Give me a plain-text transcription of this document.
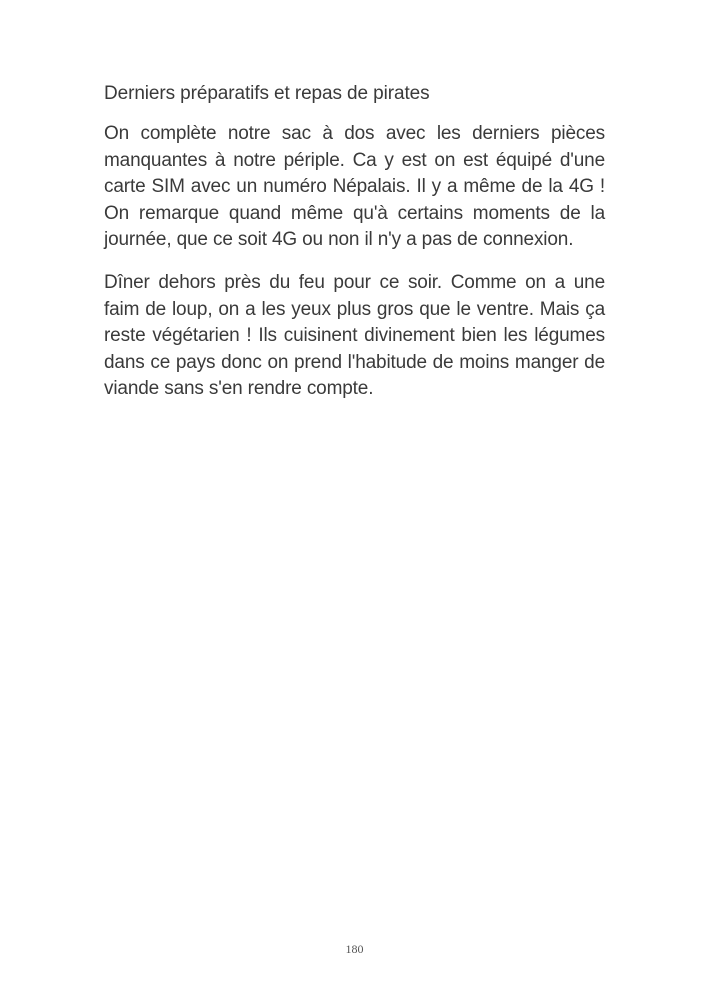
Derniers préparatifs et repas de pirates

On complète notre sac à dos avec les derniers pièces manquantes à notre périple. Ca y est on est équipé d'une carte SIM avec un numéro Népalais. Il y a même de la 4G ! On remarque quand même qu'à certains moments de la journée, que ce soit 4G ou non il n'y a pas de connexion.

Dîner dehors près du feu pour ce soir. Comme on a une faim de loup, on a les yeux plus gros que le ventre. Mais ça reste végétarien ! Ils cuisinent divinement bien les légumes dans ce pays donc on prend l'habitude de moins manger de viande sans s'en rendre compte.

180
